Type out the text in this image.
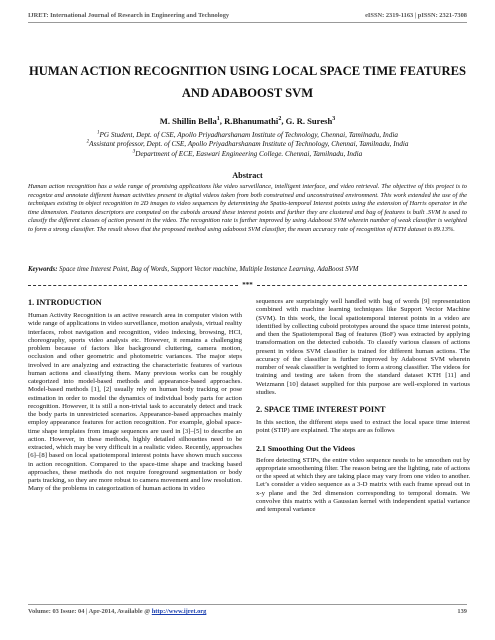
IJRET: International Journal of Research in Engineering and Technology	eISSN: 2319-1163 | pISSN: 2321-7308
HUMAN ACTION RECOGNITION USING LOCAL SPACE TIME FEATURES AND ADABOOST SVM
M. Shillin Bella$^1$, R.Bhanumathi$^2$, G. R. Suresh$^3$
$^1$PG Student, Dept. of CSE, Apollo Priyadharshanam Institute of Technology, Chennai, Tamilnadu, India
$^2$Assistant professor, Dept. of CSE, Apollo Priyadharshanam Institute of Technology, Chennai, Tamilnadu, India
$^3$Department of ECE, Easwari Engineering College. Chennai, Tamilnadu, India
Abstract

Human action recognition has a wide range of promising applications like video surveillance, intelligent interface, and video retrieval. The objective of this project is to recognize and annotate different human activities present in digital videos taken from both constrained and unconstrained environment. This work extended the use of the techniques existing in object recognition in 2D images to video sequences by determining the Spatio-temporal Interest points using the extension of Harris operator in the time dimension. Features descriptors are computed on the cuboids around these interest points and further they are clustered and bag of features is built .SVM is used to classify the different classes of action present in the video. The recognition rate is further improved by using Adaboost SVM wherein number of weak classifier is weighted to form a strong classifier. The result shows that the proposed method using adaboost SVM classifier, the mean accuracy rate of recognition of KTH dataset is 89.13%.

Keywords: Space time Interest Point, Bag of Words, Support Vector machine, Multiple Instance Learning, AdaBoost SVM

***
1. INTRODUCTION

Human Activity Recognition is an active research area in computer vision with wide range of applications in video surveillance, motion analysis, virtual reality interfaces, robot navigation and recognition, video indexing, browsing, HCI, choreography, sports video analysis etc. However, it remains a challenging problem because of factors like background cluttering, camera motion, occlusion and other geometric and photometric variances. The major steps involved in are analyzing and extracting the characteristic features of various human actions and classifying them. Many previous works can be roughly categorized into model-based methods and appearance-based approaches. Model-based methods [1], [2] usually rely on human body tracking or pose estimation in order to model the dynamics of individual body parts for action recognition. However, it is still a non-trivial task to accurately detect and track the body parts in unrestricted scenarios. Appearance-based approaches mainly employ appearance features for action recognition. For example, global space-time shape templates from image sequences are used in [3]–[5] to describe an action. However, in these methods, highly detailed silhouettes need to be extracted, which may be very difficult in a realistic video. Recently, approaches [6]–[8] based on local spatiotemporal interest points have shown much success in action recognition. Compared to the space-time shape and tracking based approaches, these methods do not require foreground segmentation or body parts tracking, so they are more robust to camera movement and low resolution. Many of the problems in categorization of human actions in video

sequences are surprisingly well handled with bag of words [9] representation combined with machine learning techniques like Support Vector Machine (SVM). In this work, the local spatiotemporal interest points in a video are identified by collecting cuboid prototypes around the space time interest points, and then the Spatiotemporal Bag of features (BoF) was extracted by applying transformation on the detected cuboids. To classify various classes of actions present in videos SVM classifier is trained for different human actions. The accuracy of the classifier is further improved by Adaboost SVM wherein number of weak classifier is weighted to form a strong classifier. The videos for training and testing are taken from the standard dataset KTH [11] and Weizmann [10] dataset supplied for this purpose are well-explored in various studies.

2. SPACE TIME INTEREST POINT

In this section, the different steps used to extract the local space time interest point (STIP) are explained. The steps are as follows

2.1 Smoothing Out the Videos

Before detecting STIPs, the entire video sequence needs to be smoothen out by appropriate smoothening filter. The reason being are the lighting, rate of actions or the speed at which they are taking place may vary from one video to another. Let’s consider a video sequence as a 3-D matrix with each frame spread out in x-y plane and the 3rd dimension corresponding to temporal domain. We convolve this matrix with a Gaussian kernel with independent spatial variance and temporal variance

Volume: 03 Issue: 04 | Apr-2014, Available @ http://www.ijret.org	139
